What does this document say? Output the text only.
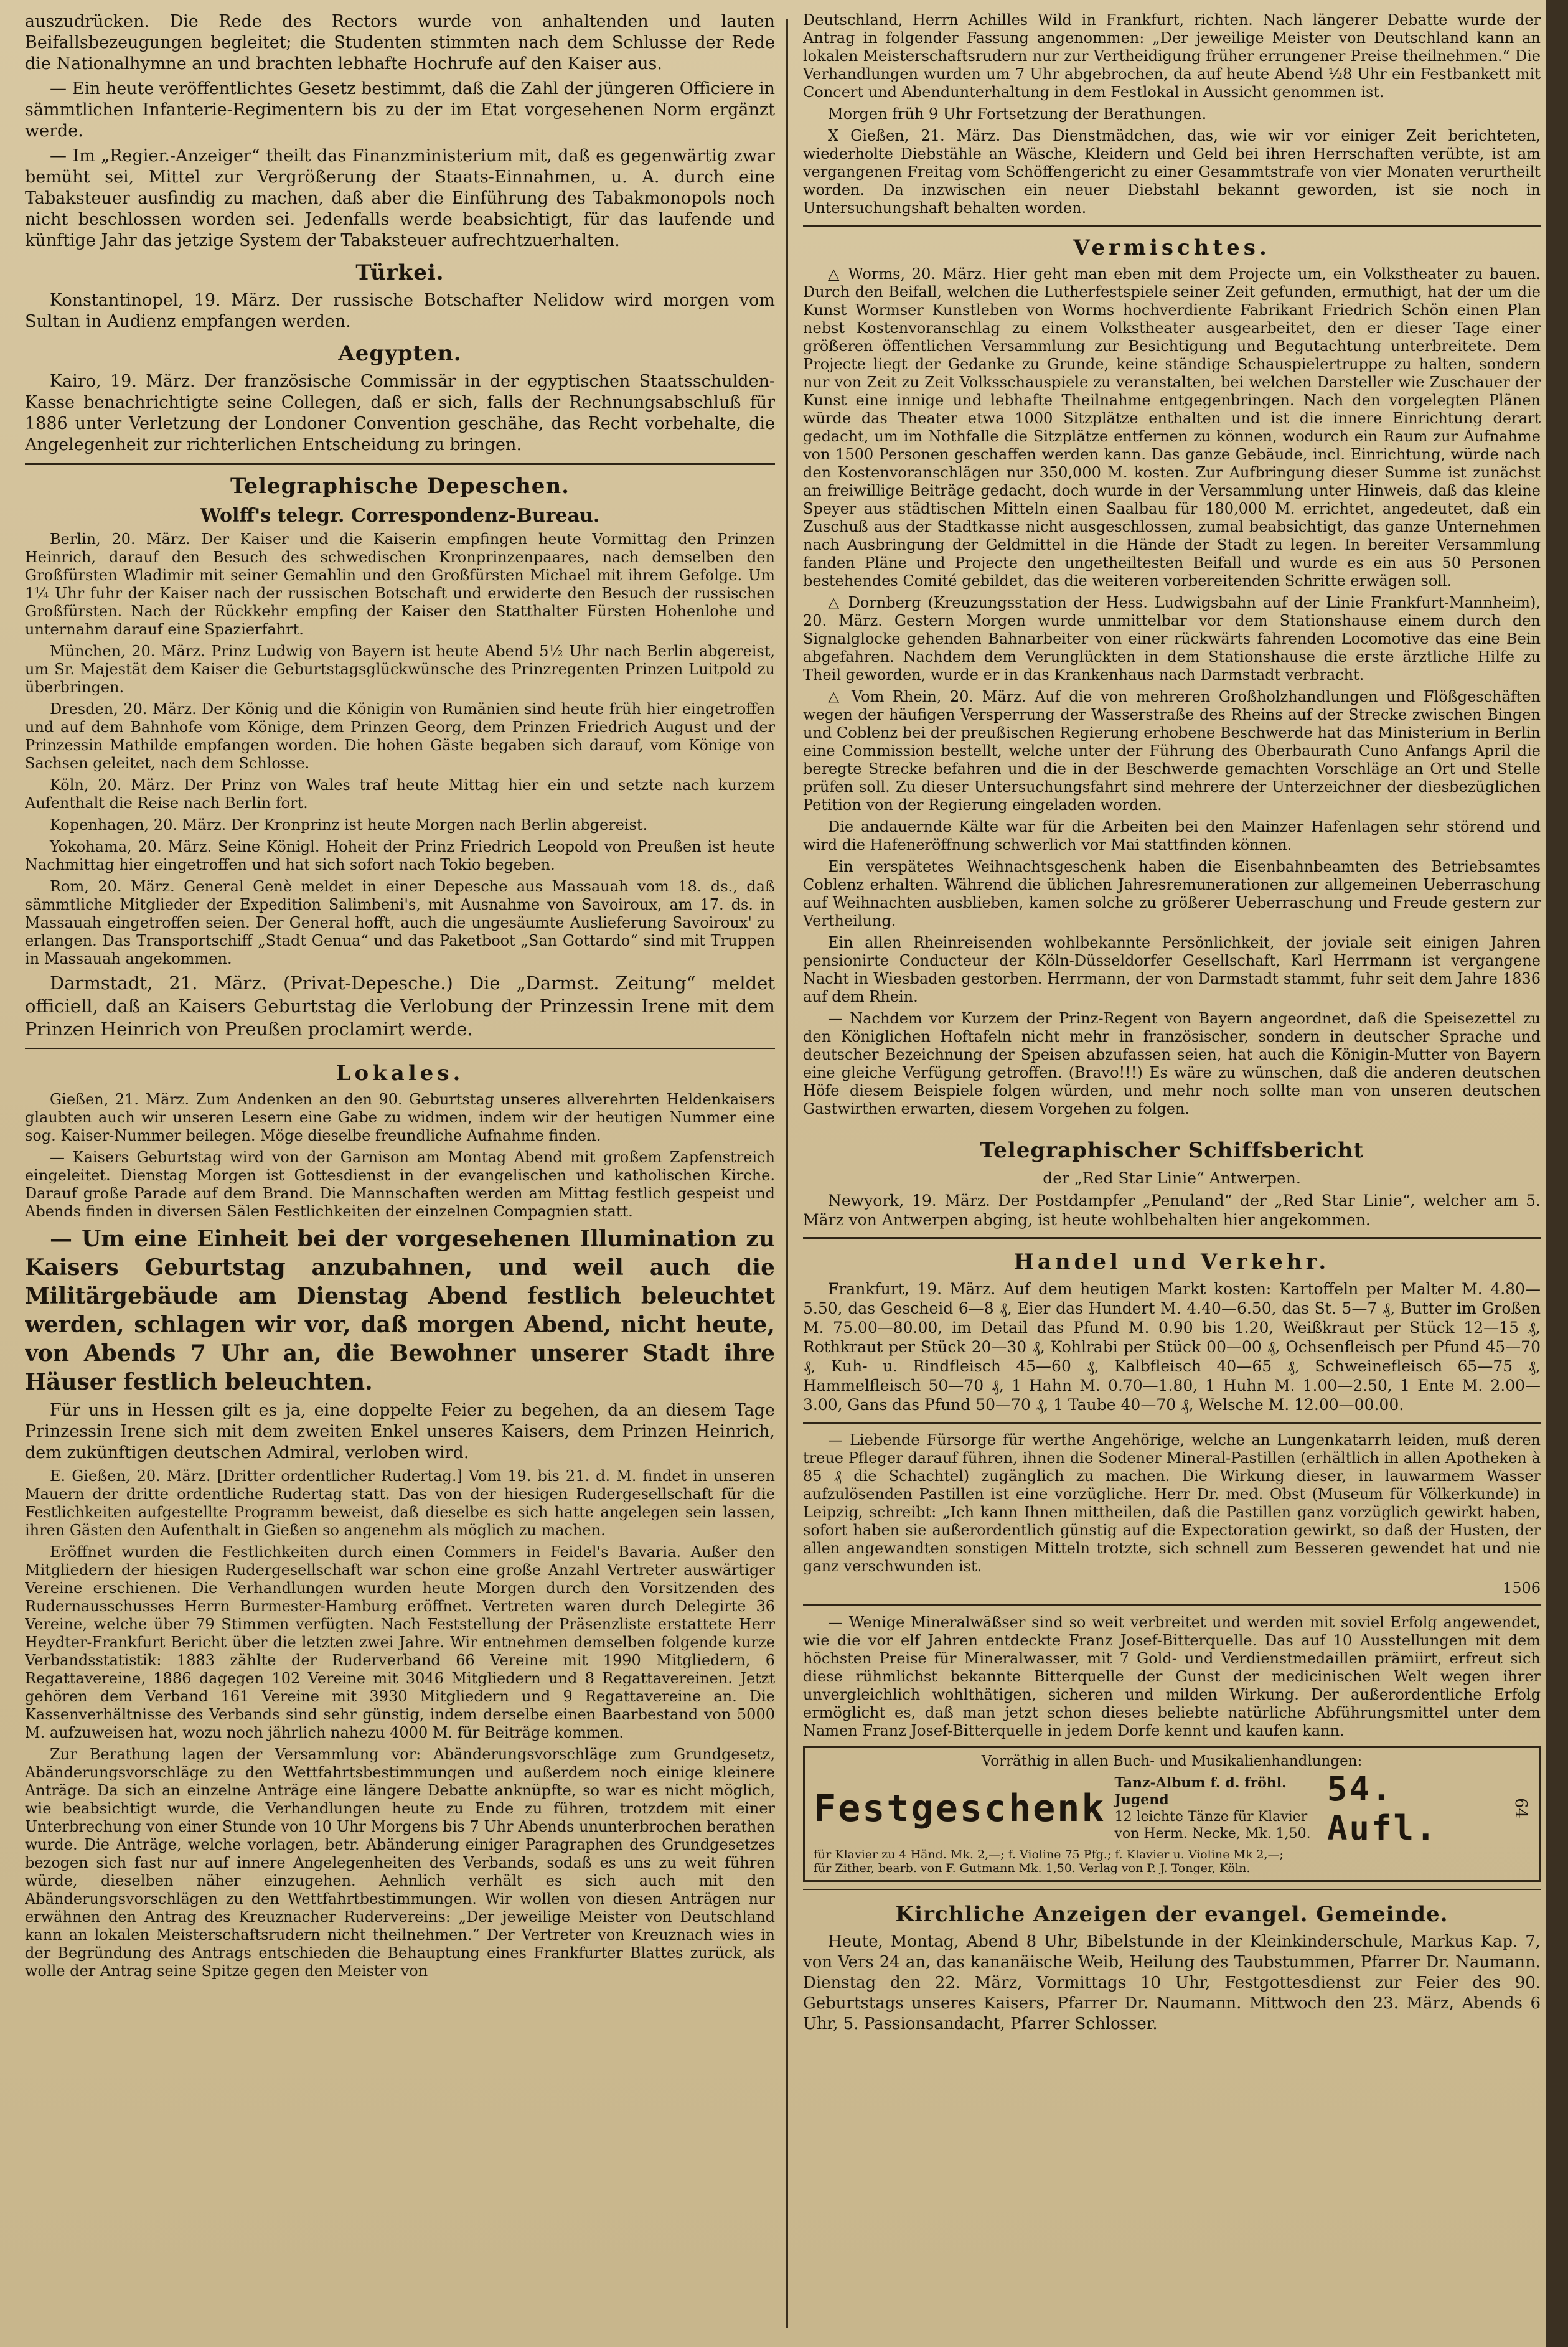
auszudrücken. Die Rede des Rectors wurde von anhaltenden und lauten Beifallsbezeugungen begleitet; die Studenten stimmten nach dem Schlusse der Rede die Nationalhymne an und brachten lebhafte Hochrufe auf den Kaiser aus.

— Ein heute veröffentlichtes Gesetz bestimmt, daß die Zahl der jüngeren Officiere in sämmtlichen Infanterie-Regimentern bis zu der im Etat vorgesehenen Norm ergänzt werde.

— Im „Regier.-Anzeiger“ theilt das Finanzministerium mit, daß es gegenwärtig zwar bemüht sei, Mittel zur Vergrößerung der Staats-Einnahmen, u. A. durch eine Tabaksteuer ausfindig zu machen, daß aber die Einführung des Tabakmonopols noch nicht beschlossen worden sei. Jedenfalls werde beabsichtigt, für das laufende und künftige Jahr das jetzige System der Tabaksteuer aufrechtzuerhalten.

Türkei.

Konstantinopel, 19. März. Der russische Botschafter Nelidow wird morgen vom Sultan in Audienz empfangen werden.

Aegypten.

Kairo, 19. März. Der französische Commissär in der egyptischen Staatsschulden-Kasse benachrichtigte seine Collegen, daß er sich, falls der Rechnungsabschluß für 1886 unter Verletzung der Londoner Convention geschähe, das Recht vorbehalte, die Angelegenheit zur richterlichen Entscheidung zu bringen.

Telegraphische Depeschen.
Wolff's telegr. Correspondenz-Bureau.

Berlin, 20. März. Der Kaiser und die Kaiserin empfingen heute Vormittag den Prinzen Heinrich, darauf den Besuch des schwedischen Kronprinzenpaares, nach demselben den Großfürsten Wladimir mit seiner Gemahlin und den Großfürsten Michael mit ihrem Gefolge. Um 1¼ Uhr fuhr der Kaiser nach der russischen Botschaft und erwiderte den Besuch der russischen Großfürsten. Nach der Rückkehr empfing der Kaiser den Statthalter Fürsten Hohenlohe und unternahm darauf eine Spazierfahrt.

München, 20. März. Prinz Ludwig von Bayern ist heute Abend 5½ Uhr nach Berlin abgereist, um Sr. Majestät dem Kaiser die Geburtstagsglückwünsche des Prinzregenten Prinzen Luitpold zu überbringen.

Dresden, 20. März. Der König und die Königin von Rumänien sind heute früh hier eingetroffen und auf dem Bahnhofe vom Könige, dem Prinzen Georg, dem Prinzen Friedrich August und der Prinzessin Mathilde empfangen worden. Die hohen Gäste begaben sich darauf, vom Könige von Sachsen geleitet, nach dem Schlosse.

Köln, 20. März. Der Prinz von Wales traf heute Mittag hier ein und setzte nach kurzem Aufenthalt die Reise nach Berlin fort.

Kopenhagen, 20. März. Der Kronprinz ist heute Morgen nach Berlin abgereist.

Yokohama, 20. März. Seine Königl. Hoheit der Prinz Friedrich Leopold von Preußen ist heute Nachmittag hier eingetroffen und hat sich sofort nach Tokio begeben.

Rom, 20. März. General Genè meldet in einer Depesche aus Massauah vom 18. ds., daß sämmtliche Mitglieder der Expedition Salimbeni's, mit Ausnahme von Savoiroux, am 17. ds. in Massauah eingetroffen seien. Der General hofft, auch die ungesäumte Auslieferung Savoiroux' zu erlangen. Das Transportschiff „Stadt Genua“ und das Paketboot „San Gottardo“ sind mit Truppen in Massauah angekommen.

Darmstadt, 21. März. (Privat-Depesche.) Die „Darmst. Zeitung“ meldet officiell, daß an Kaisers Geburtstag die Verlobung der Prinzessin Irene mit dem Prinzen Heinrich von Preußen proclamirt werde.

Lokales.

Gießen, 21. März. Zum Andenken an den 90. Geburtstag unseres allverehrten Heldenkaisers glaubten auch wir unseren Lesern eine Gabe zu widmen, indem wir der heutigen Nummer eine sog. Kaiser-Nummer beilegen. Möge dieselbe freundliche Aufnahme finden.

— Kaisers Geburtstag wird von der Garnison am Montag Abend mit großem Zapfenstreich eingeleitet. Dienstag Morgen ist Gottesdienst in der evangelischen und katholischen Kirche. Darauf große Parade auf dem Brand. Die Mannschaften werden am Mittag festlich gespeist und Abends finden in diversen Sälen Festlichkeiten der einzelnen Compagnien statt.

— Um eine Einheit bei der vorgesehenen Illumination zu Kaisers Geburtstag anzubahnen, und weil auch die Militärgebäude am Dienstag Abend festlich beleuchtet werden, schlagen wir vor, daß morgen Abend, nicht heute, von Abends 7 Uhr an, die Bewohner unserer Stadt ihre Häuser festlich beleuchten.

Für uns in Hessen gilt es ja, eine doppelte Feier zu begehen, da an diesem Tage Prinzessin Irene sich mit dem zweiten Enkel unseres Kaisers, dem Prinzen Heinrich, dem zukünftigen deutschen Admiral, verloben wird.

E. Gießen, 20. März. [Dritter ordentlicher Rudertag.] Vom 19. bis 21. d. M. findet in unseren Mauern der dritte ordentliche Rudertag statt. Das von der hiesigen Rudergesellschaft für die Festlichkeiten aufgestellte Programm beweist, daß dieselbe es sich hatte angelegen sein lassen, ihren Gästen den Aufenthalt in Gießen so angenehm als möglich zu machen.

Eröffnet wurden die Festlichkeiten durch einen Commers in Feidel's Bavaria. Außer den Mitgliedern der hiesigen Rudergesellschaft war schon eine große Anzahl Vertreter auswärtiger Vereine erschienen. Die Verhandlungen wurden heute Morgen durch den Vorsitzenden des Rudernausschusses Herrn Burmester-Hamburg eröffnet. Vertreten waren durch Delegirte 36 Vereine, welche über 79 Stimmen verfügten. Nach Feststellung der Präsenzliste erstattete Herr Heydter-Frankfurt Bericht über die letzten zwei Jahre. Wir entnehmen demselben folgende kurze Verbandsstatistik: 1883 zählte der Ruderverband 66 Vereine mit 1990 Mitgliedern, 6 Regattavereine, 1886 dagegen 102 Vereine mit 3046 Mitgliedern und 8 Regattavereinen. Jetzt gehören dem Verband 161 Vereine mit 3930 Mitgliedern und 9 Regattavereine an. Die Kassenverhältnisse des Verbands sind sehr günstig, indem derselbe einen Baarbestand von 5000 M. aufzuweisen hat, wozu noch jährlich nahezu 4000 M. für Beiträge kommen.

Zur Berathung lagen der Versammlung vor: Abänderungsvorschläge zum Grundgesetz, Abänderungsvorschläge zu den Wettfahrtsbestimmungen und außerdem noch einige kleinere Anträge. Da sich an einzelne Anträge eine längere Debatte anknüpfte, so war es nicht möglich, wie beabsichtigt wurde, die Verhandlungen heute zu Ende zu führen, trotzdem mit einer Unterbrechung von einer Stunde von 10 Uhr Morgens bis 7 Uhr Abends ununterbrochen berathen wurde. Die Anträge, welche vorlagen, betr. Abänderung einiger Paragraphen des Grundgesetzes bezogen sich fast nur auf innere Angelegenheiten des Verbands, sodaß es uns zu weit führen würde, dieselben näher einzugehen. Aehnlich verhält es sich auch mit den Abänderungsvorschlägen zu den Wettfahrtbestimmungen. Wir wollen von diesen Anträgen nur erwähnen den Antrag des Kreuznacher Rudervereins: „Der jeweilige Meister von Deutschland kann an lokalen Meisterschaftsrudern nicht theilnehmen.“ Der Vertreter von Kreuznach wies in der Begründung des Antrags entschieden die Behauptung eines Frankfurter Blattes zurück, als wolle der Antrag seine Spitze gegen den Meister von

Deutschland, Herrn Achilles Wild in Frankfurt, richten. Nach längerer Debatte wurde der Antrag in folgender Fassung angenommen: „Der jeweilige Meister von Deutschland kann an lokalen Meisterschaftsrudern nur zur Vertheidigung früher errungener Preise theilnehmen.“ Die Verhandlungen wurden um 7 Uhr abgebrochen, da auf heute Abend ½8 Uhr ein Festbankett mit Concert und Abendunterhaltung in dem Festlokal in Aussicht genommen ist.

Morgen früh 9 Uhr Fortsetzung der Berathungen.

X Gießen, 21. März. Das Dienstmädchen, das, wie wir vor einiger Zeit berichteten, wiederholte Diebstähle an Wäsche, Kleidern und Geld bei ihren Herrschaften verübte, ist am vergangenen Freitag vom Schöffengericht zu einer Gesammtstrafe von vier Monaten verurtheilt worden. Da inzwischen ein neuer Diebstahl bekannt geworden, ist sie noch in Untersuchungshaft behalten worden.

Vermischtes.

△ Worms, 20. März. Hier geht man eben mit dem Projecte um, ein Volkstheater zu bauen. Durch den Beifall, welchen die Lutherfestspiele seiner Zeit gefunden, ermuthigt, hat der um die Kunst Wormser Kunstleben von Worms hochverdiente Fabrikant Friedrich Schön einen Plan nebst Kostenvoranschlag zu einem Volkstheater ausgearbeitet, den er dieser Tage einer größeren öffentlichen Versammlung zur Besichtigung und Begutachtung unterbreitete. Dem Projecte liegt der Gedanke zu Grunde, keine ständige Schauspielertruppe zu halten, sondern nur von Zeit zu Zeit Volksschauspiele zu veranstalten, bei welchen Darsteller wie Zuschauer der Kunst eine innige und lebhafte Theilnahme entgegenbringen. Nach den vorgelegten Plänen würde das Theater etwa 1000 Sitzplätze enthalten und ist die innere Einrichtung derart gedacht, um im Nothfalle die Sitzplätze entfernen zu können, wodurch ein Raum zur Aufnahme von 1500 Personen geschaffen werden kann. Das ganze Gebäude, incl. Einrichtung, würde nach den Kostenvoranschlägen nur 350,000 M. kosten. Zur Aufbringung dieser Summe ist zunächst an freiwillige Beiträge gedacht, doch wurde in der Versammlung unter Hinweis, daß das kleine Speyer aus städtischen Mitteln einen Saalbau für 180,000 M. errichtet, angedeutet, daß ein Zuschuß aus der Stadtkasse nicht ausgeschlossen, zumal beabsichtigt, das ganze Unternehmen nach Ausbringung der Geldmittel in die Hände der Stadt zu legen. In bereiter Versammlung fanden Pläne und Projecte den ungetheiltesten Beifall und wurde es ein aus 50 Personen bestehendes Comité gebildet, das die weiteren vorbereitenden Schritte erwägen soll.

△ Dornberg (Kreuzungsstation der Hess. Ludwigsbahn auf der Linie Frankfurt-Mannheim), 20. März. Gestern Morgen wurde unmittelbar vor dem Stationshause einem durch den Signalglocke gehenden Bahnarbeiter von einer rückwärts fahrenden Locomotive das eine Bein abgefahren. Nachdem dem Verunglückten in dem Stationshause die erste ärztliche Hilfe zu Theil geworden, wurde er in das Krankenhaus nach Darmstadt verbracht.

△ Vom Rhein, 20. März. Auf die von mehreren Großholzhandlungen und Flößgeschäften wegen der häufigen Versperrung der Wasserstraße des Rheins auf der Strecke zwischen Bingen und Coblenz bei der preußischen Regierung erhobene Beschwerde hat das Ministerium in Berlin eine Commission bestellt, welche unter der Führung des Oberbaurath Cuno Anfangs April die beregte Strecke befahren und die in der Beschwerde gemachten Vorschläge an Ort und Stelle prüfen soll. Zu dieser Untersuchungsfahrt sind mehrere der Unterzeichner der diesbezüglichen Petition von der Regierung eingeladen worden.

Die andauernde Kälte war für die Arbeiten bei den Mainzer Hafenlagen sehr störend und wird die Hafeneröffnung schwerlich vor Mai stattfinden können.

Ein verspätetes Weihnachtsgeschenk haben die Eisenbahnbeamten des Betriebsamtes Coblenz erhalten. Während die üblichen Jahresremunerationen zur allgemeinen Ueberraschung auf Weihnachten ausblieben, kamen solche zu größerer Ueberraschung und Freude gestern zur Vertheilung.

Ein allen Rheinreisenden wohlbekannte Persönlichkeit, der joviale seit einigen Jahren pensionirte Conducteur der Köln-Düsseldorfer Gesellschaft, Karl Herrmann ist vergangene Nacht in Wiesbaden gestorben. Herrmann, der von Darmstadt stammt, fuhr seit dem Jahre 1836 auf dem Rhein.

— Nachdem vor Kurzem der Prinz-Regent von Bayern angeordnet, daß die Speisezettel zu den Königlichen Hoftafeln nicht mehr in französischer, sondern in deutscher Sprache und deutscher Bezeichnung der Speisen abzufassen seien, hat auch die Königin-Mutter von Bayern eine gleiche Verfügung getroffen. (Bravo!!!) Es wäre zu wünschen, daß die anderen deutschen Höfe diesem Beispiele folgen würden, und mehr noch sollte man von unseren deutschen Gastwirthen erwarten, diesem Vorgehen zu folgen.

Telegraphischer Schiffsbericht
der „Red Star Linie“ Antwerpen.

Newyork, 19. März. Der Postdampfer „Penuland“ der „Red Star Linie“, welcher am 5. März von Antwerpen abging, ist heute wohlbehalten hier angekommen.

Handel und Verkehr.

Frankfurt, 19. März. Auf dem heutigen Markt kosten: Kartoffeln per Malter M. 4.80—5.50, das Gescheid 6—8 ₰, Eier das Hundert M. 4.40—6.50, das St. 5—7 ₰, Butter im Großen M. 75.00—80.00, im Detail das Pfund M. 0.90 bis 1.20, Weißkraut per Stück 12—15 ₰, Rothkraut per Stück 20—30 ₰, Kohlrabi per Stück 00—00 ₰, Ochsenfleisch per Pfund 45—70 ₰, Kuh- u. Rindfleisch 45—60 ₰, Kalbfleisch 40—65 ₰, Schweinefleisch 65—75 ₰, Hammelfleisch 50—70 ₰, 1 Hahn M. 0.70—1.80, 1 Huhn M. 1.00—2.50, 1 Ente M. 2.00—3.00, Gans das Pfund 50—70 ₰, 1 Taube 40—70 ₰, Welsche M. 12.00—00.00.

— Liebende Fürsorge für werthe Angehörige, welche an Lungenkatarrh leiden, muß deren treue Pfleger darauf führen, ihnen die Sodener Mineral-Pastillen (erhältlich in allen Apotheken à 85 ₰ die Schachtel) zugänglich zu machen. Die Wirkung dieser, in lauwarmem Wasser aufzulösenden Pastillen ist eine vorzügliche. Herr Dr. med. Obst (Museum für Völkerkunde) in Leipzig, schreibt: „Ich kann Ihnen mittheilen, daß die Pastillen ganz vorzüglich gewirkt haben, sofort haben sie außerordentlich günstig auf die Expectoration gewirkt, so daß der Husten, der allen angewandten sonstigen Mitteln trotzte, sich schnell zum Besseren gewendet hat und nie ganz verschwunden ist.

1506

— Wenige Mineralwäßser sind so weit verbreitet und werden mit soviel Erfolg angewendet, wie die vor elf Jahren entdeckte Franz Josef-Bitterquelle. Das auf 10 Ausstellungen mit dem höchsten Preise für Mineralwasser, mit 7 Gold- und Verdienstmedaillen prämiirt, erfreut sich diese rühmlichst bekannte Bitterquelle der Gunst der medicinischen Welt wegen ihrer unvergleichlich wohlthätigen, sicheren und milden Wirkung. Der außerordentliche Erfolg ermöglicht es, daß man jetzt schon dieses beliebte natürliche Abführungsmittel unter dem Namen Franz Josef-Bitterquelle in jedem Dorfe kennt und kaufen kann.

Vorräthig in allen Buch- und Musikalienhandlungen:
Festgeschenk
Tanz-Album f. d. fröhl. Jugend
12 leichte Tänze für Klavier
von Herm. Necke, Mk. 1,50.
54. Aufl.	64
für Klavier zu 4 Händ. Mk. 2,—; f. Violine 75 Pfg.; f. Klavier u. Violine Mk 2,—;
für Zither, bearb. von F. Gutmann Mk. 1,50. Verlag von P. J. Tonger, Köln.
Kirchliche Anzeigen der evangel. Gemeinde.

Heute, Montag, Abend 8 Uhr, Bibelstunde in der Kleinkinderschule, Markus Kap. 7, von Vers 24 an, das kananäische Weib, Heilung des Taubstummen, Pfarrer Dr. Naumann. Dienstag den 22. März, Vormittags 10 Uhr, Festgottesdienst zur Feier des 90. Geburtstags unseres Kaisers, Pfarrer Dr. Naumann. Mittwoch den 23. März, Abends 6 Uhr, 5. Passionsandacht, Pfarrer Schlosser.
